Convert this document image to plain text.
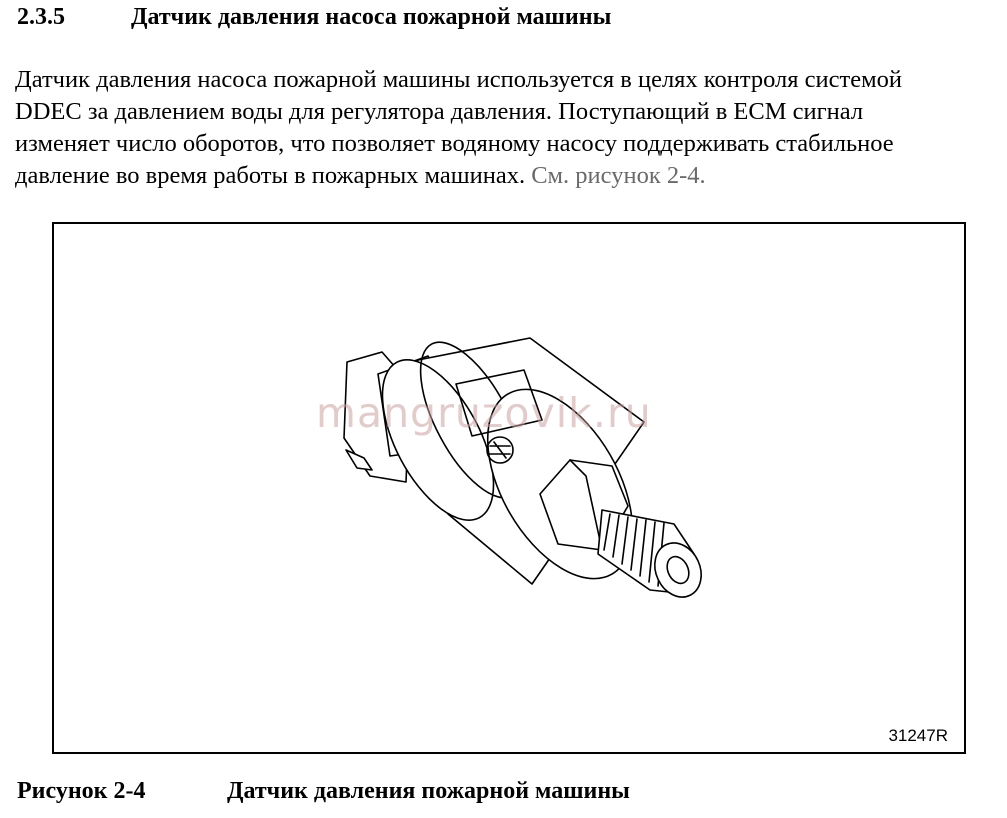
2.3.5	Датчик давления насоса пожарной машины
Датчик давления насоса пожарной машины используется в целях контроля системой
DDEC за давлением воды для регулятора давления. Поступающий в ECM сигнал
изменяет число оборотов, что позволяет водяному насосу поддерживать стабильное
давление во время работы в пожарных машинах. См. рисунок 2-4.
mangruzovik.ru
31247R
Рисунок 2-4	Датчик давления пожарной машины
